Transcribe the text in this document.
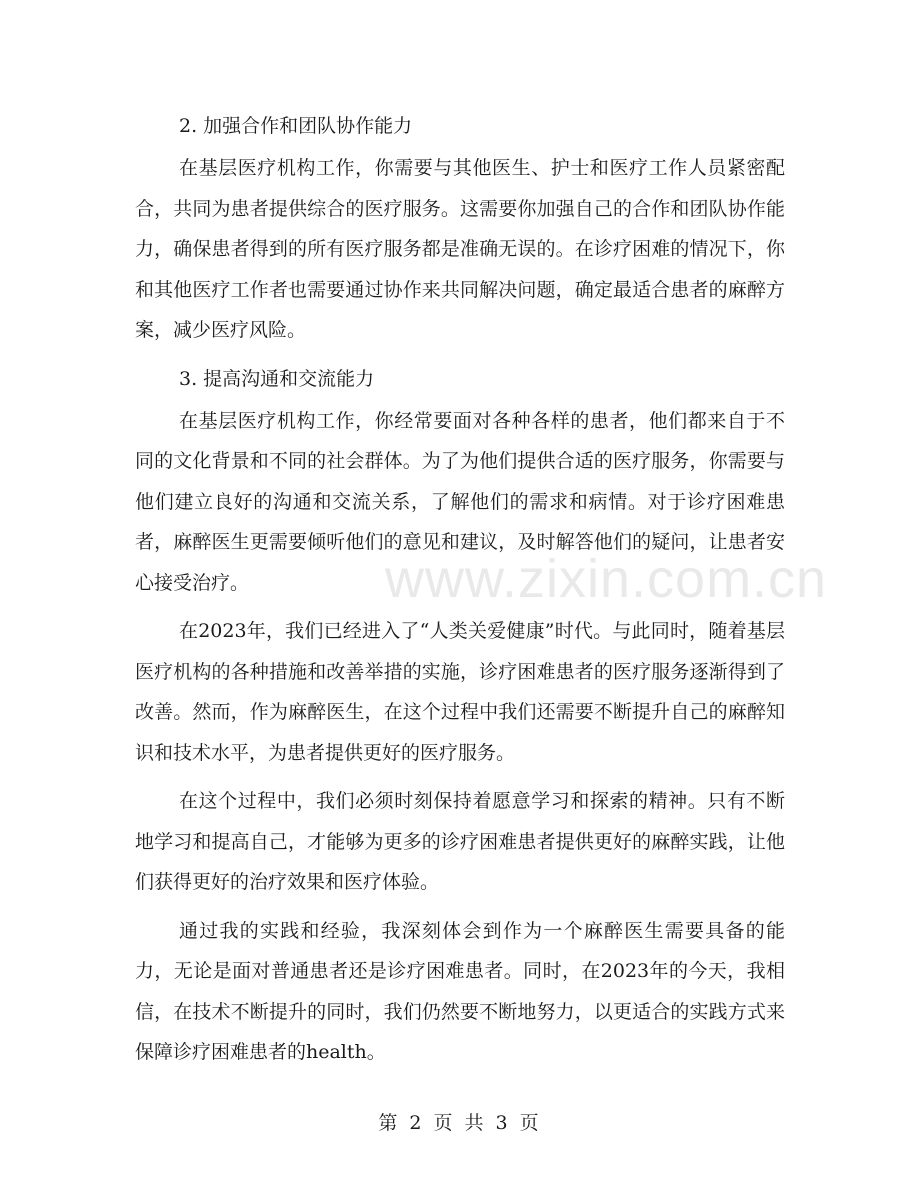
www.zixin.com.cn
2. 加强合作和团队协作能力

在基层医疗机构工作，你需要与其他医生、护士和医疗工作人员紧密配合，共同为患者提供综合的医疗服务。这需要你加强自己的合作和团队协作能力，确保患者得到的所有医疗服务都是准确无误的。在诊疗困难的情况下，你和其他医疗工作者也需要通过协作来共同解决问题，确定最适合患者的麻醉方案，减少医疗风险。

3. 提高沟通和交流能力

在基层医疗机构工作，你经常要面对各种各样的患者，他们都来自于不同的文化背景和不同的社会群体。为了为他们提供合适的医疗服务，你需要与他们建立良好的沟通和交流关系，了解他们的需求和病情。对于诊疗困难患者，麻醉医生更需要倾听他们的意见和建议，及时解答他们的疑问，让患者安心接受治疗。

在2023年，我们已经进入了“人类关爱健康”时代。与此同时，随着基层医疗机构的各种措施和改善举措的实施，诊疗困难患者的医疗服务逐渐得到了改善。然而，作为麻醉医生，在这个过程中我们还需要不断提升自己的麻醉知识和技术水平，为患者提供更好的医疗服务。

在这个过程中，我们必须时刻保持着愿意学习和探索的精神。只有不断地学习和提高自己，才能够为更多的诊疗困难患者提供更好的麻醉实践，让他们获得更好的治疗效果和医疗体验。

通过我的实践和经验，我深刻体会到作为一个麻醉医生需要具备的能力，无论是面对普通患者还是诊疗困难患者。同时，在2023年的今天，我相信，在技术不断提升的同时，我们仍然要不断地努力，以更适合的实践方式来保障诊疗困难患者的health。

第 2 页 共 3 页
